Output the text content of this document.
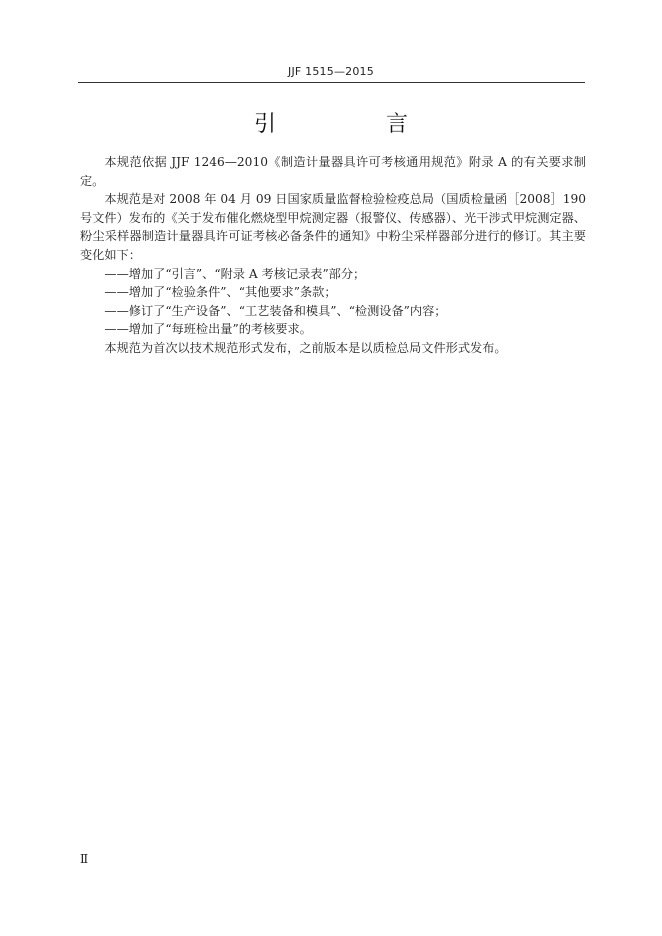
JJF 1515—2015
引　言

本规范依据 JJF 1246—2010《制造计量器具许可考核通用规范》附录 A 的有关要求制定。

本规范是对 2008 年 04 月 09 日国家质量监督检验检疫总局（国质检量函［2008］190 号文件）发布的《关于发布催化燃烧型甲烷测定器（报警仪、传感器）、光干涉式甲烷测定器、粉尘采样器制造计量器具许可证考核必备条件的通知》中粉尘采样器部分进行的修订。其主要变化如下：

——增加了“引言”、“附录 A 考核记录表”部分；

——增加了“检验条件”、“其他要求”条款；

——修订了“生产设备”、“工艺装备和模具”、“检测设备”内容；

——增加了“每班检出量”的考核要求。

本规范为首次以技术规范形式发布，之前版本是以质检总局文件形式发布。

Ⅱ
